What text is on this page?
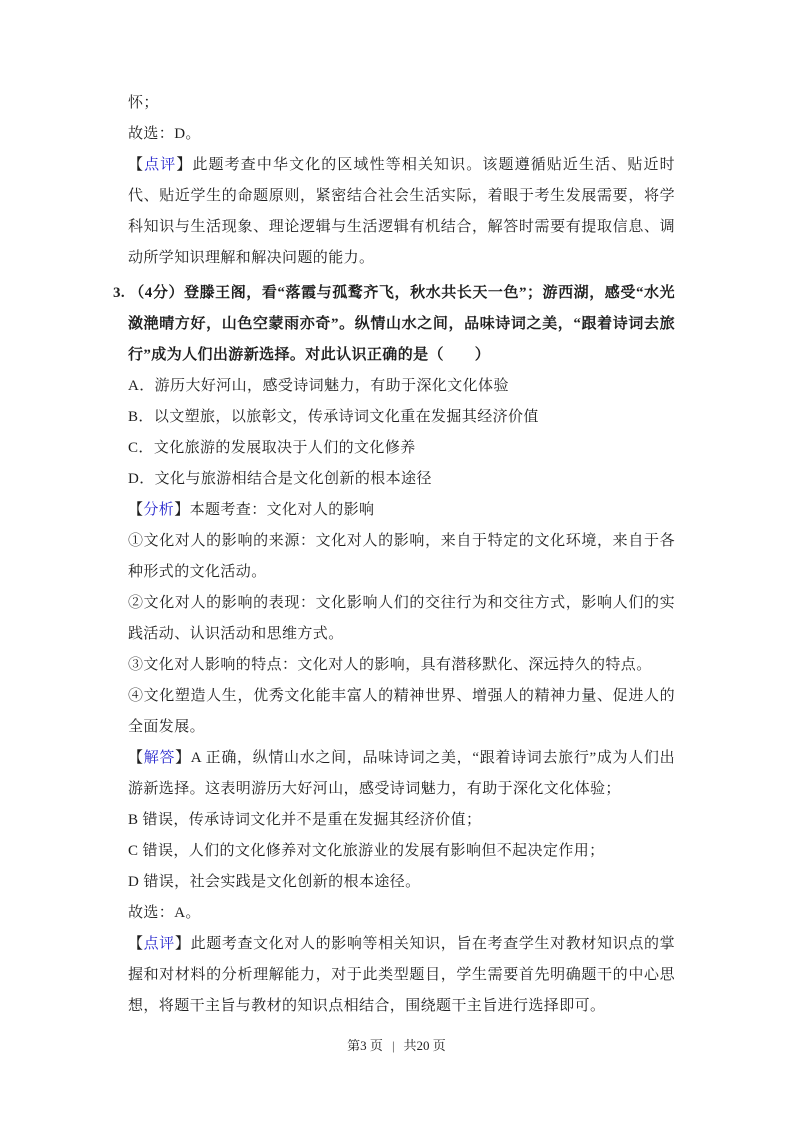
怀；

故选：D。

【点评】此题考查中华文化的区域性等相关知识。该题遵循贴近生活、贴近时代、贴近学生的命题原则，紧密结合社会生活实际，着眼于考生发展需要，将学科知识与生活现象、理论逻辑与生活逻辑有机结合，解答时需要有提取信息、调动所学知识理解和解决问题的能力。

3. （4分）登滕王阁，看“落霞与孤鹜齐飞，秋水共长天一色”；游西湖，感受“水光潋滟晴方好，山色空蒙雨亦奇”。纵情山水之间，品味诗词之美，“跟着诗词去旅行”成为人们出游新选择。对此认识正确的是（　　）

A．游历大好河山，感受诗词魅力，有助于深化文化体验

B．以文塑旅，以旅彰文，传承诗词文化重在发掘其经济价值

C．文化旅游的发展取决于人们的文化修养

D．文化与旅游相结合是文化创新的根本途径

【分析】本题考查：文化对人的影响

①文化对人的影响的来源：文化对人的影响，来自于特定的文化环境，来自于各种形式的文化活动。

②文化对人的影响的表现：文化影响人们的交往行为和交往方式，影响人们的实践活动、认识活动和思维方式。

③文化对人影响的特点：文化对人的影响，具有潜移默化、深远持久的特点。

④文化塑造人生，优秀文化能丰富人的精神世界、增强人的精神力量、促进人的全面发展。

【解答】A 正确，纵情山水之间，品味诗词之美，“跟着诗词去旅行”成为人们出游新选择。这表明游历大好河山，感受诗词魅力，有助于深化文化体验；

B 错误，传承诗词文化并不是重在发掘其经济价值；

C 错误，人们的文化修养对文化旅游业的发展有影响但不起决定作用；

D 错误，社会实践是文化创新的根本途径。

故选：A。

【点评】此题考查文化对人的影响等相关知识，旨在考查学生对教材知识点的掌握和对材料的分析理解能力，对于此类型题目，学生需要首先明确题干的中心思想，将题干主旨与教材的知识点相结合，围绕题干主旨进行选择即可。

第3 页 | 共20 页
